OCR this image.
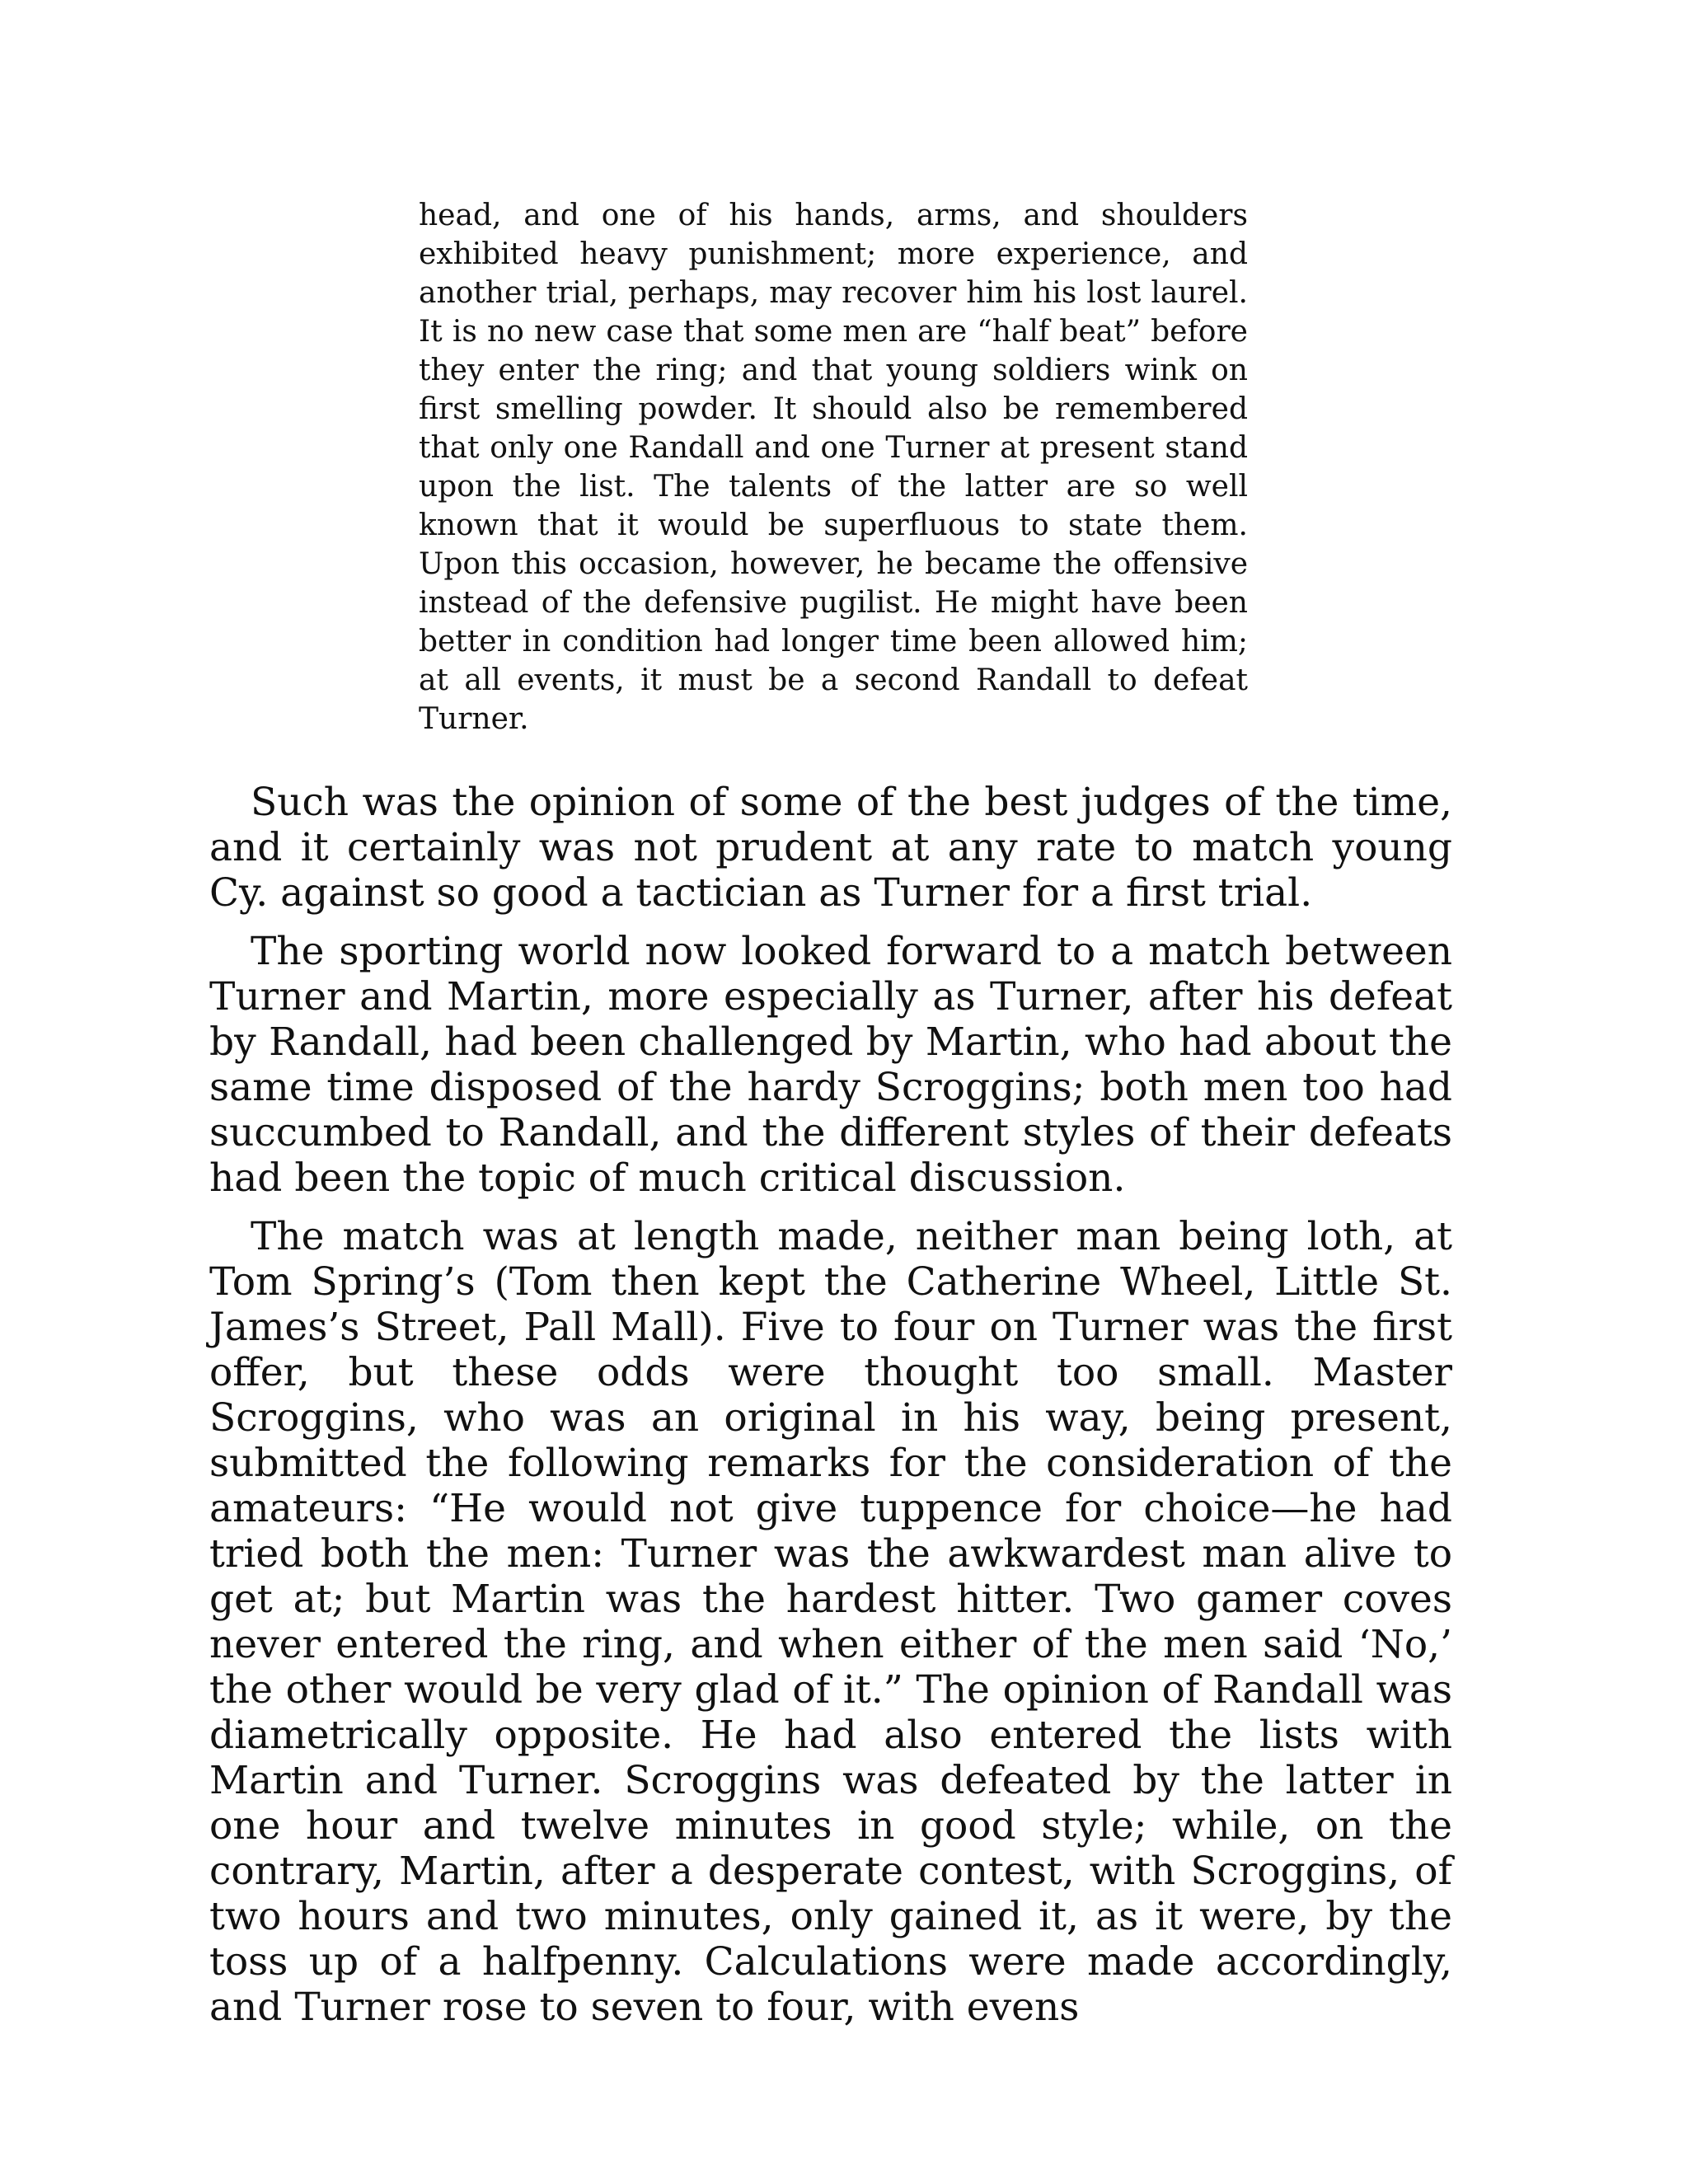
head, and one of his hands, arms, and shoulders exhibited heavy punishment; more experience, and another trial, perhaps, may recover him his lost laurel. It is no new case that some men are “half beat” before they enter the ring; and that young soldiers wink on first smelling powder. It should also be remembered that only one Randall and one Turner at present stand upon the list. The talents of the latter are so well known that it would be superfluous to state them. Upon this occasion, however, he became the offensive instead of the defensive pugilist. He might have been better in condition had longer time been allowed him; at all events, it must be a second Randall to defeat Turner.

Such was the opinion of some of the best judges of the time, and it certainly was not prudent at any rate to match young Cy. against so good a tactician as Turner for a first trial.

The sporting world now looked forward to a match between Turner and Martin, more especially as Turner, after his defeat by Randall, had been challenged by Martin, who had about the same time disposed of the hardy Scroggins; both men too had succumbed to Randall, and the different styles of their defeats had been the topic of much critical discussion.

The match was at length made, neither man being loth, at Tom Spring’s (Tom then kept the Catherine Wheel, Little St. James’s Street, Pall Mall). Five to four on Turner was the first offer, but these odds were thought too small. Master Scroggins, who was an original in his way, being present, submitted the following remarks for the consideration of the amateurs: “He would not give tuppence for choice—he had tried both the men: Turner was the awkwardest man alive to get at; but Martin was the hardest hitter. Two gamer coves never entered the ring, and when either of the men said ‘No,’ the other would be very glad of it.” The opinion of Randall was diametrically opposite. He had also entered the lists with Martin and Turner. Scroggins was defeated by the latter in one hour and twelve minutes in good style; while, on the contrary, Martin, after a desperate contest, with Scroggins, of two hours and two minutes, only gained it, as it were, by the toss up of a halfpenny. Calculations were made accordingly, and Turner rose to seven to four, with evens
